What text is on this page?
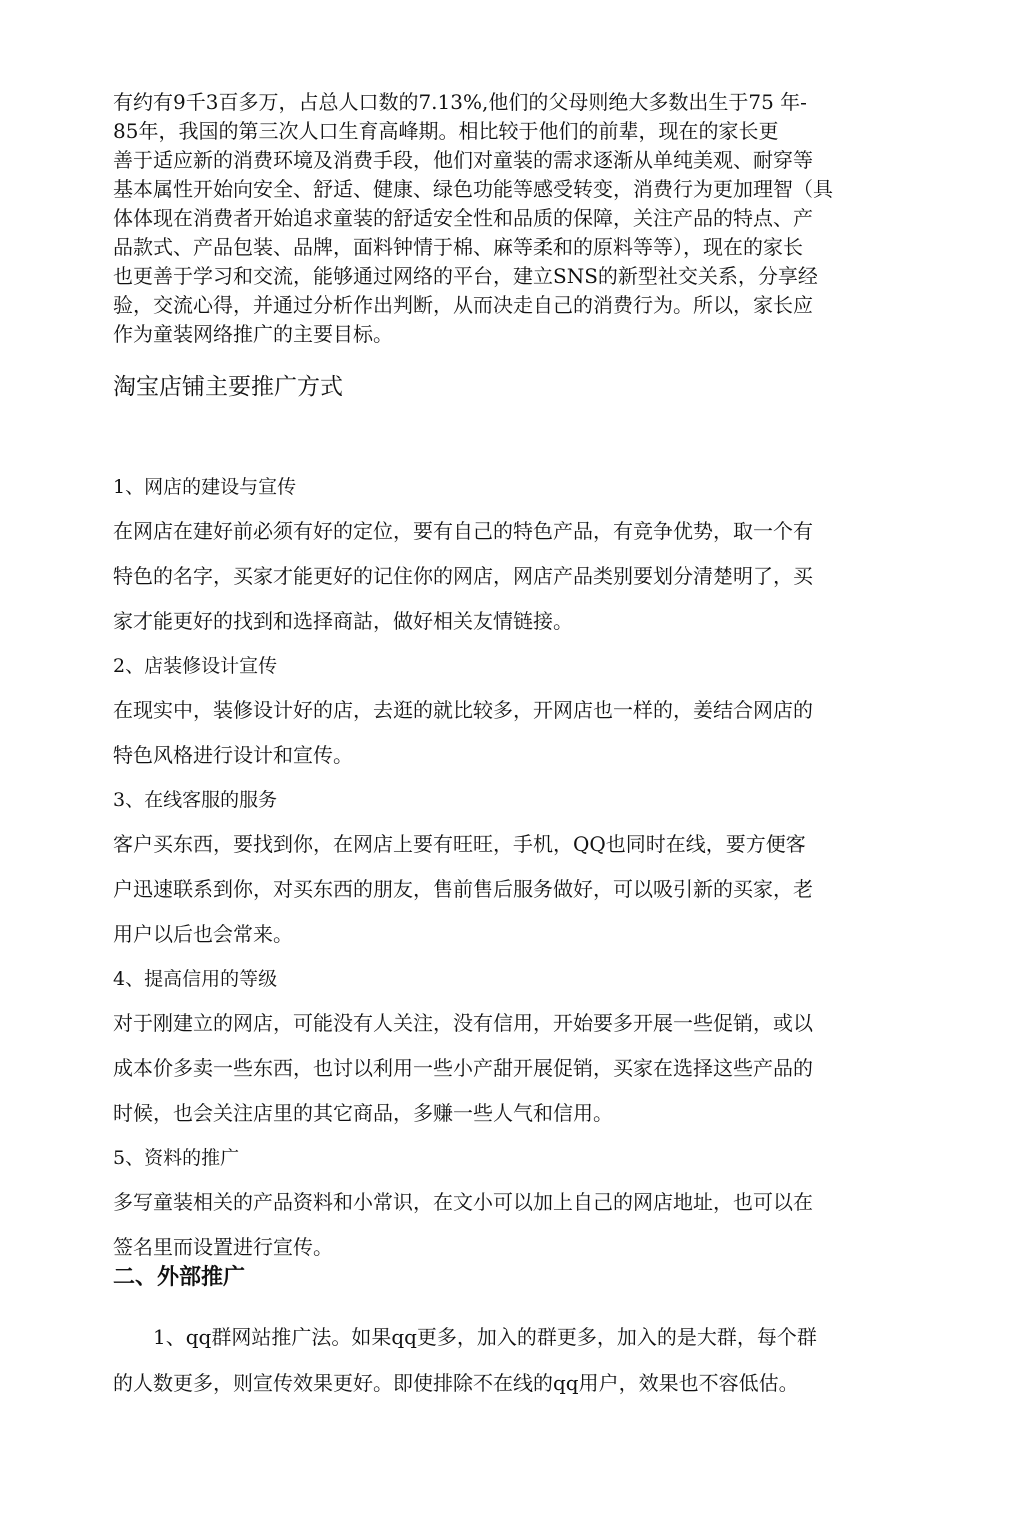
有约有9千3百多万，占总人口数的7.13%,他们的父母则绝大多数出生于75 年-

85年，我国的第三次人口生育高峰期。相比较于他们的前辈，现在的家长更

善于适应新的消费环境及消费手段，他们对童装的需求逐渐从单纯美观、耐穿等

基本属性开始向安全、舒适、健康、绿色功能等感受转变，消费行为更加理智（具

体体现在消费者开始追求童装的舒适安全性和品质的保障，关注产品的特点、产

品款式、产品包装、品牌，面料钟情于棉、麻等柔和的原料等等），现在的家长

也更善于学习和交流，能够通过网络的平台，建立SNS的新型社交关系，分享经

验，交流心得，并通过分析作出判断，从而决走自己的消费行为。所以，家长应

作为童装网络推广的主要目标。

淘宝店铺主要推广方式

1、网店的建设与宣传

在网店在建好前必须有好的定位，要有自己的特色产品，有竞争优势，取一个有

特色的名字，买家才能更好的记住你的网店，网店产品类别要划分清楚明了，买

家才能更好的找到和选择商詁，做好相关友情链接。

2、店装修设计宣传

在现实中，装修设计好的店，去逛的就比较多，开网店也一样的，姜结合网店的

特色风格进行设计和宣传。

3、在线客服的服务

客户买东西，要找到你，在网店上要有旺旺，手机，QQ也同时在线，要方便客

户迅速联系到你，对买东西的朋友，售前售后服务做好，可以吸引新的买家，老

用户以后也会常来。

4、提高信用的等级

对于刚建立的网店，可能没有人关注，没有信用，开始要多开展一些促销，或以

成本价多卖一些东西，也讨以利用一些小产甜开展促销，买家在选择这些产品的

时候，也会关注店里的其它商品，多赚一些人气和信用。

5、资料的推广

多写童装相关的产品资料和小常识，在文小可以加上自己的网店地址，也可以在

签名里而设置进行宣传。

二、外部推广

1、qq群网站推广法。如果qq更多，加入的群更多，加入的是大群，每个群

的人数更多，则宣传效果更好。即使排除不在线的qq用户，效果也不容低估。
